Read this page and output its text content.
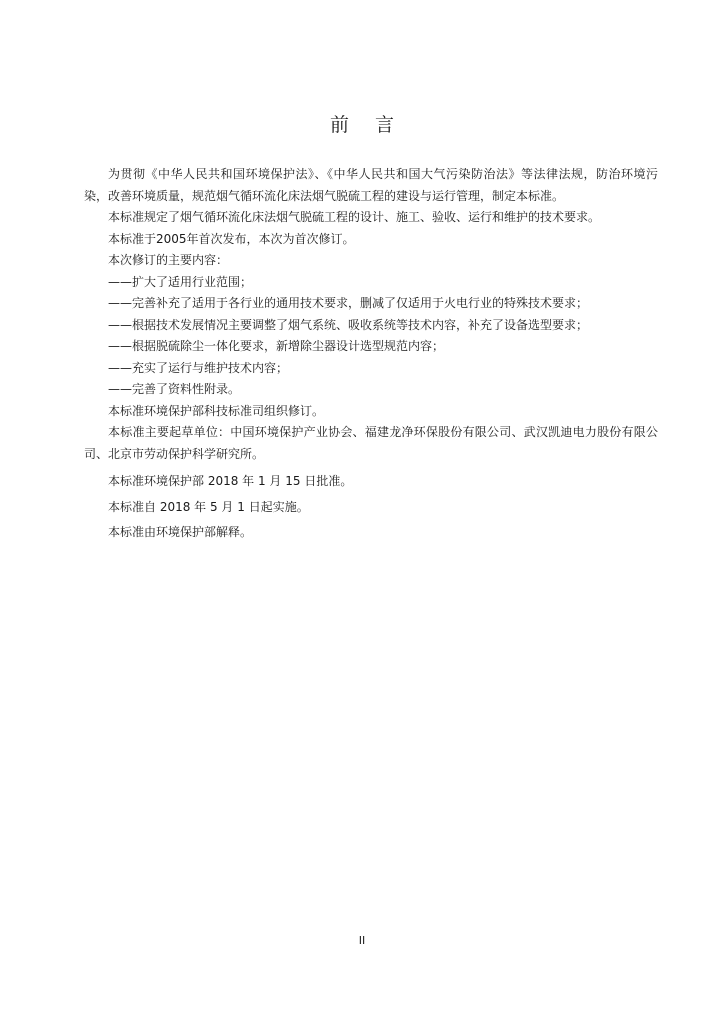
前 言

为贯彻《中华人民共和国环境保护法》、《中华人民共和国大气污染防治法》等法律法规，防治环境污染，改善环境质量，规范烟气循环流化床法烟气脱硫工程的建设与运行管理，制定本标准。

本标准规定了烟气循环流化床法烟气脱硫工程的设计、施工、验收、运行和维护的技术要求。

本标准于2005年首次发布，本次为首次修订。

本次修订的主要内容：

——扩大了适用行业范围；

——完善补充了适用于各行业的通用技术要求，删减了仅适用于火电行业的特殊技术要求；

——根据技术发展情况主要调整了烟气系统、吸收系统等技术内容，补充了设备选型要求；

——根据脱硫除尘一体化要求，新增除尘器设计选型规范内容；

——充实了运行与维护技术内容；

——完善了资料性附录。

本标准环境保护部科技标准司组织修订。

本标准主要起草单位：中国环境保护产业协会、福建龙净环保股份有限公司、武汉凯迪电力股份有限公司、北京市劳动保护科学研究所。

本标准环境保护部 2018 年 1 月 15 日批准。

本标准自 2018 年 5 月 1 日起实施。

本标准由环境保护部解释。

II
